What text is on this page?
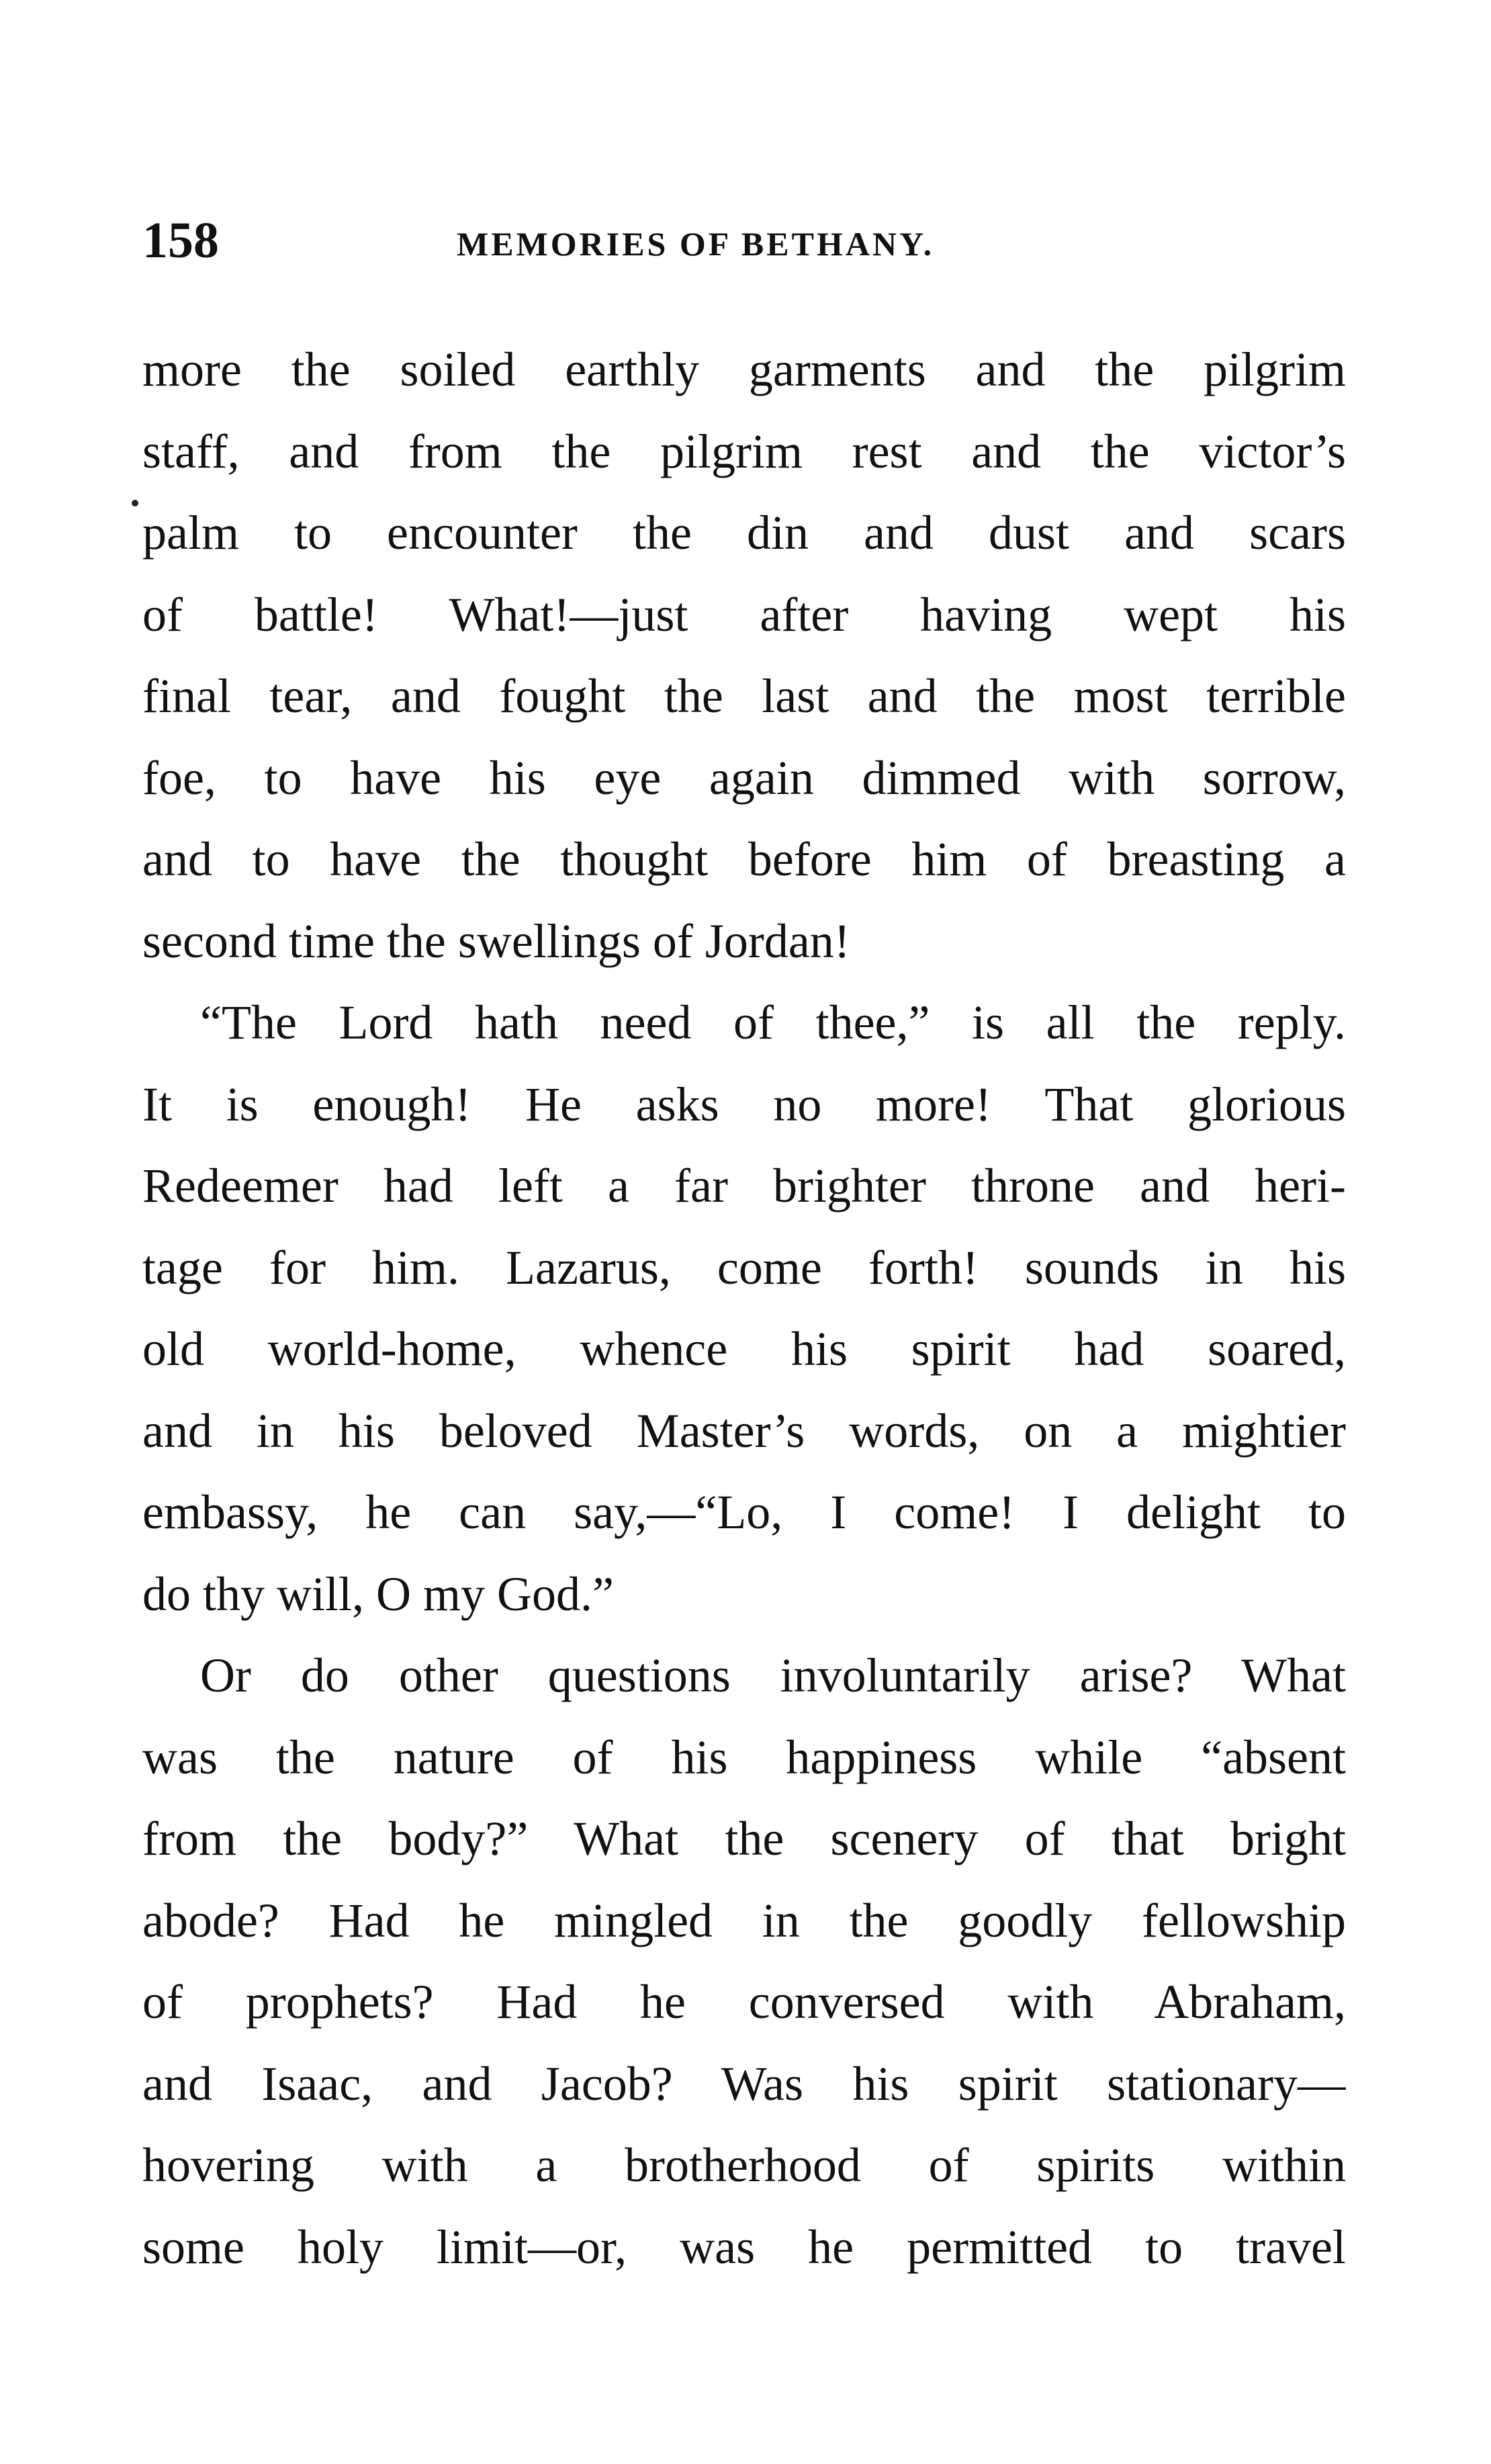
158	MEMORIES OF BETHANY.
more the soiled earthly garments and the pilgrim
staff, and from the pilgrim rest and the victor’s
palm to encounter the din and dust and scars
of battle! What!—just after having wept his
final tear, and fought the last and the most terrible
foe, to have his eye again dimmed with sorrow,
and to have the thought before him of breasting a
second time the swellings of Jordan!
“The Lord hath need of thee,” is all the reply.
It is enough! He asks no more! That glorious
Redeemer had left a far brighter throne and heri-
tage for him. Lazarus, come forth! sounds in his
old world-home, whence his spirit had soared,
and in his beloved Master’s words, on a mightier
embassy, he can say,—“Lo, I come! I delight to
do thy will, O my God.”
Or do other questions involuntarily arise? What
was the nature of his happiness while “absent
from the body?” What the scenery of that bright
abode? Had he mingled in the goodly fellowship
of prophets? Had he conversed with Abraham,
and Isaac, and Jacob? Was his spirit stationary—
hovering with a brotherhood of spirits within
some holy limit—or, was he permitted to travel
